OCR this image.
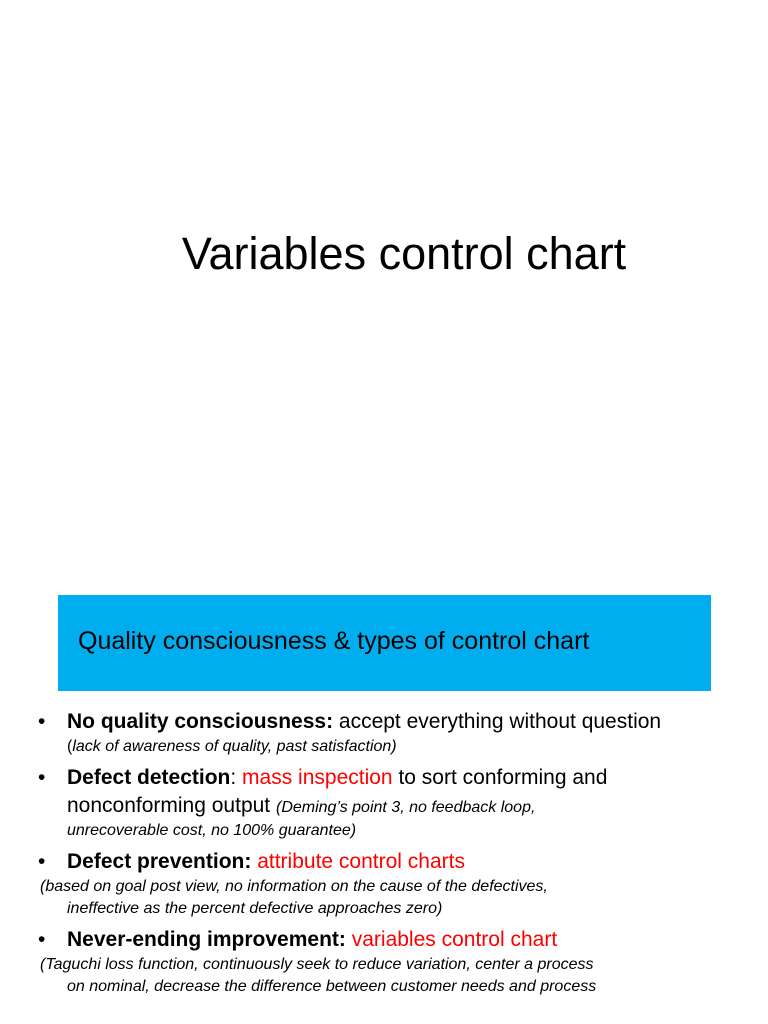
Variables control chart
Quality consciousness & types of control chart
• No quality consciousness: accept everything without question
(lack of awareness of quality, past satisfaction)
• Defect detection: mass inspection to sort conforming and
nonconforming output (Deming’s point 3, no feedback loop,
unrecoverable cost, no 100% guarantee)
• Defect prevention: attribute control charts
(based on goal post view, no information on the cause of the defectives,
ineffective as the percent defective approaches zero)
• Never-ending improvement: variables control chart
(Taguchi loss function, continuously seek to reduce variation, center a process
on nominal, decrease the difference between customer needs and process
